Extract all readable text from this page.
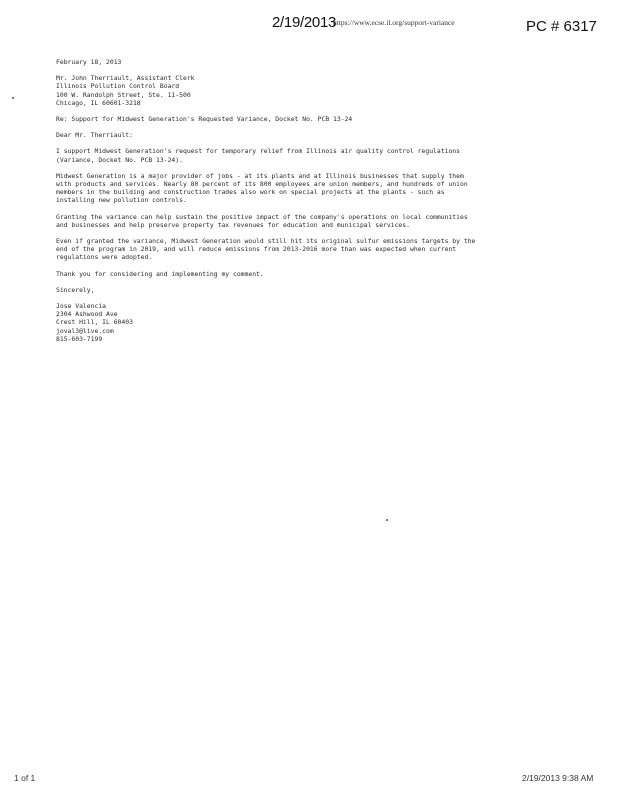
2/19/2013
https://www.ecse.il.org/support-variance	PC # 6317

February 18, 2013

Mr. John Therriault, Assistant Clerk

Illinois Pollution Control Board

100 W. Randolph Street, Ste. 11-500

Chicago, IL 60601-3218

Re: Support for Midwest Generation's Requested Variance, Docket No. PCB 13-24

Dear Mr. Therriault:

I support Midwest Generation's request for temporary relief from Illinois air quality control regulations

(Variance, Docket No. PCB 13-24).

Midwest Generation is a major provider of jobs - at its plants and at Illinois businesses that supply them

with products and services. Nearly 80 percent of its 800 employees are union members, and hundreds of union

members in the building and construction trades also work on special projects at the plants - such as

installing new pollution controls.

Granting the variance can help sustain the positive impact of the company's operations on local communities

and businesses and help preserve property tax revenues for education and municipal services.

Even if granted the variance, Midwest Generation would still hit its original sulfur emissions targets by the

end of the program in 2019, and will reduce emissions from 2013-2016 more than was expected when current

regulations were adopted.

Thank you for considering and implementing my comment.

Sincerely,

Jose Valencia

2304 Ashwood Ave

Crest Hill, IL 60403

joval3@live.com

815-603-7199

1 of 1	2/19/2013 9:38 AM
